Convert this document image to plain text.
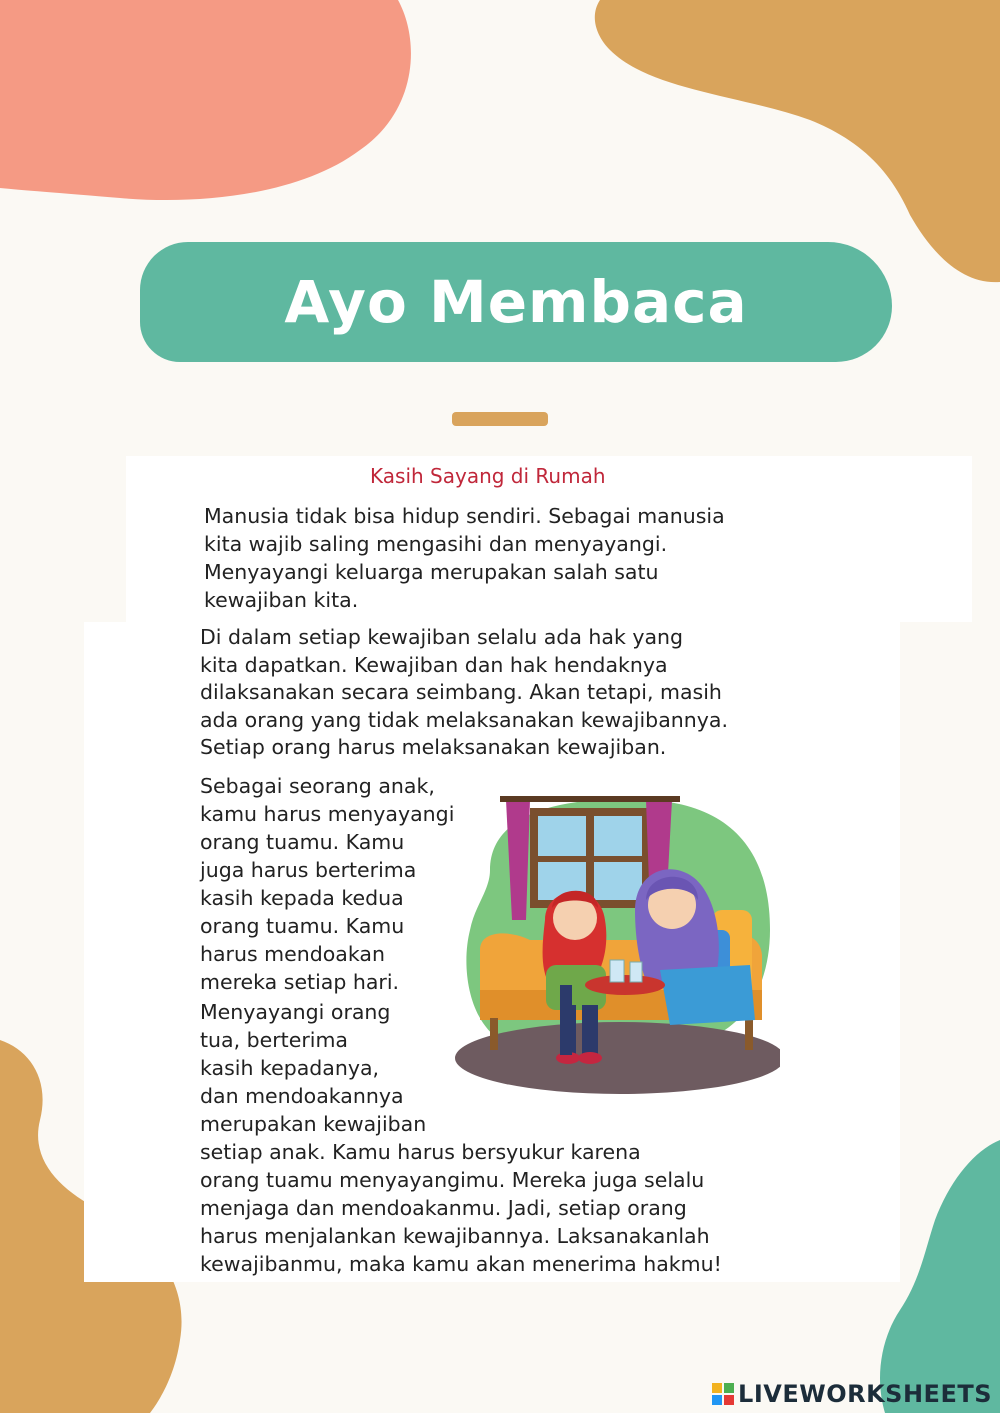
Ayo Membaca
Kasih Sayang di Rumah

Manusia tidak bisa hidup sendiri. Sebagai manusia
kita wajib saling mengasihi dan menyayangi.
Menyayangi keluarga merupakan salah satu
kewajiban kita.

Di dalam setiap kewajiban selalu ada hak yang
kita dapatkan. Kewajiban dan hak hendaknya
dilaksanakan secara seimbang. Akan tetapi, masih
ada orang yang tidak melaksanakan kewajibannya.
Setiap orang harus melaksanakan kewajiban.

Sebagai seorang anak,
kamu harus menyayangi
orang tuamu. Kamu
juga harus berterima
kasih kepada kedua
orang tuamu. Kamu
harus mendoakan
mereka setiap hari.

Menyayangi orang
tua, berterima
kasih kepadanya,
dan mendoakannya
merupakan kewajiban
setiap anak. Kamu harus bersyukur karena
orang tuamu menyayangimu. Mereka juga selalu
menjaga dan mendoakanmu. Jadi, setiap orang
harus menjalankan kewajibannya. Laksanakanlah
kewajibanmu, maka kamu akan menerima hakmu!

LIVEWORKSHEETS
